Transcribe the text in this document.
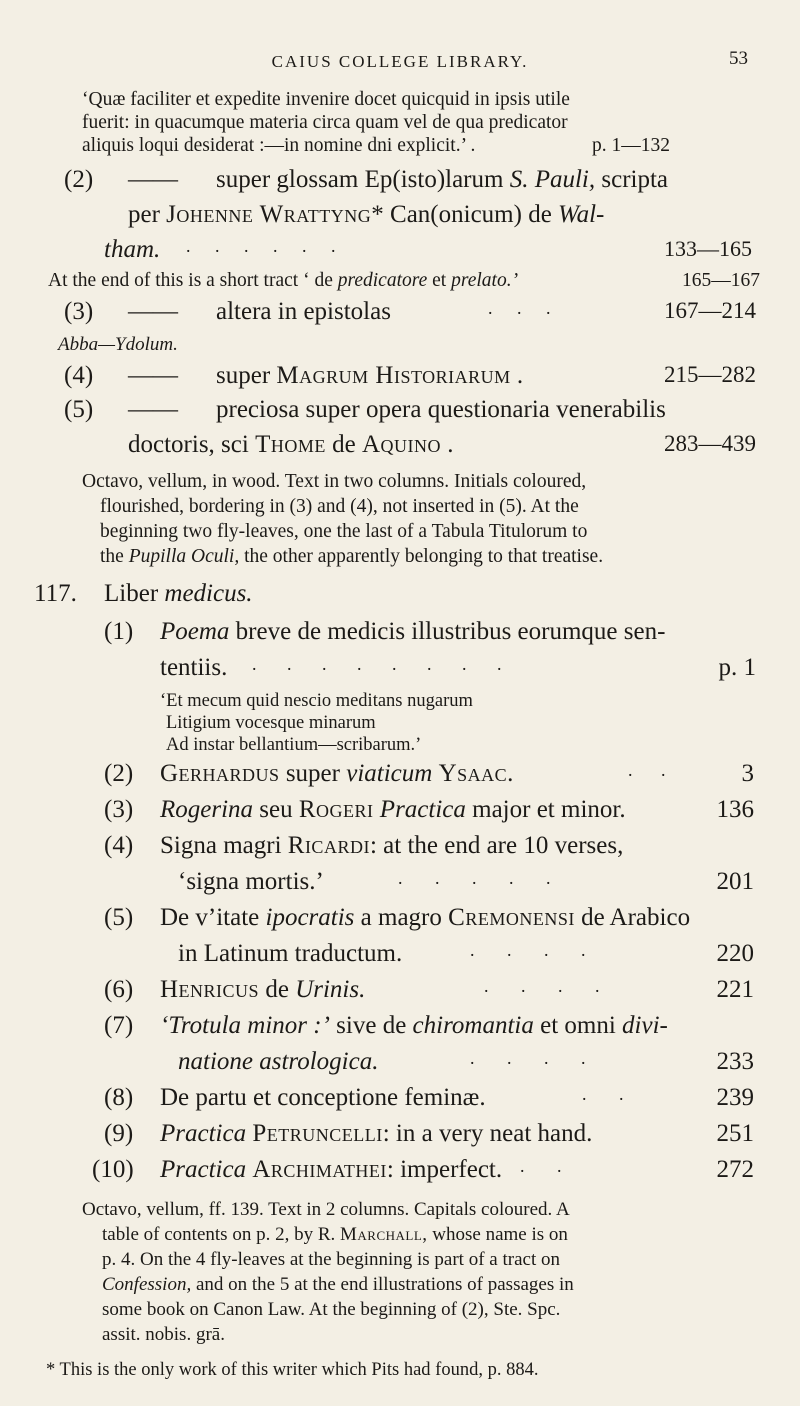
CAIUS COLLEGE LIBRARY.	53
‘Quæ faciliter et expedite invenire docet quicquid in ipsis utile
fuerit: in quacumque materia circa quam vel de qua predicator
aliquis loqui desiderat :—in nomine dni explicit.’ .	p. 1—132
(2) —— super glossam Ep(isto)larum S. Pauli, scripta
per Johenne Wrattyng* Can(onicum) de Wal-
tham. . . . . . .	133—165
At the end of this is a short tract ‘ de predicatore et prelato.’	165—167
(3) —— altera in epistolas	. . .	167—214
Abba—Ydolum.
(4) —— super Magrum Historiarum .	215—282
(5) —— preciosa super opera questionaria venerabilis
doctoris, sci Thome de Aquino .	283—439
Octavo, vellum, in wood. Text in two columns. Initials coloured,
flourished, bordering in (3) and (4), not inserted in (5). At the
beginning two fly-leaves, one the last of a Tabula Titulorum to
the Pupilla Oculi, the other apparently belonging to that treatise.
117. Liber medicus.
(1) Poema breve de medicis illustribus eorumque sen-
tentiis. . . . . . . . .	p. 1
‘Et mecum quid nescio meditans nugarum
Litigium vocesque minarum
Ad instar bellantium—scribarum.’
(2) Gerhardus super viaticum Ysaac.	. .	3
(3) Rogerina seu Rogeri Practica major et minor.	136
(4) Signa magri Ricardi: at the end are 10 verses,
‘signa mortis.’	. . . . .	201
(5) De v’itate ipocratis a magro Cremonensi de Arabico
in Latinum traductum.	. . . .	220
(6) Henricus de Urinis.	. . . .	221
(7) ‘Trotula minor :’ sive de chiromantia et omni divi-
natione astrologica.	. . . .	233
(8) De partu et conceptione feminæ.	. .	239
(9) Practica Petruncelli: in a very neat hand.	251
(10) Practica Archimathei: imperfect. . .	272
Octavo, vellum, ff. 139. Text in 2 columns. Capitals coloured. A
table of contents on p. 2, by R. Marchall, whose name is on
p. 4. On the 4 fly-leaves at the beginning is part of a tract on
Confession, and on the 5 at the end illustrations of passages in
some book on Canon Law. At the beginning of (2), Ste. Spc.
assit. nobis. grā.
* This is the only work of this writer which Pits had found, p. 884.
